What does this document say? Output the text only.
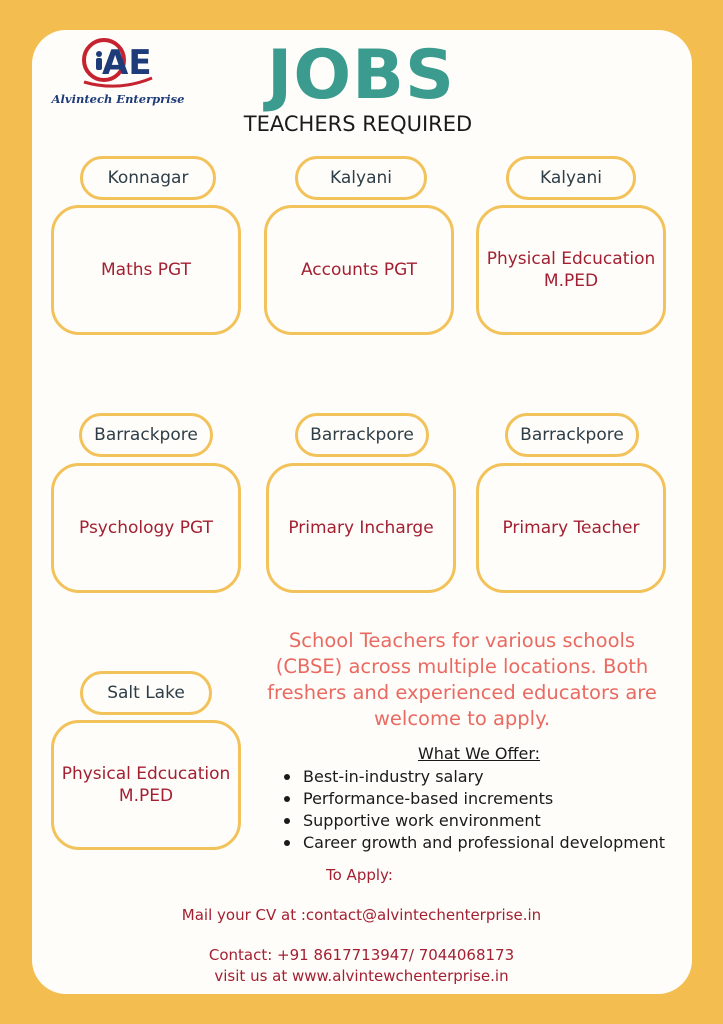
AE
Alvintech Enterprise	JOBS
TEACHERS REQUIRED
Konnagar
Maths PGT
Kalyani
Accounts PGT
Kalyani
Physical Edcucation
M.PED
Barrackpore
Psychology PGT
Barrackpore
Primary Incharge
Barrackpore
Primary Teacher
Salt Lake
Physical Edcucation
M.PED
School Teachers for various schools (CBSE) across multiple locations. Both freshers and experienced educators are welcome to apply.
What We Offer:
Best-in-industry salary
Performance-based increments
Supportive work environment
Career growth and professional development
To Apply:
Mail your CV at :contact@alvintechenterprise.in
Contact: +91 8617713947/ 7044068173
visit us at www.alvintewchenterprise.in
